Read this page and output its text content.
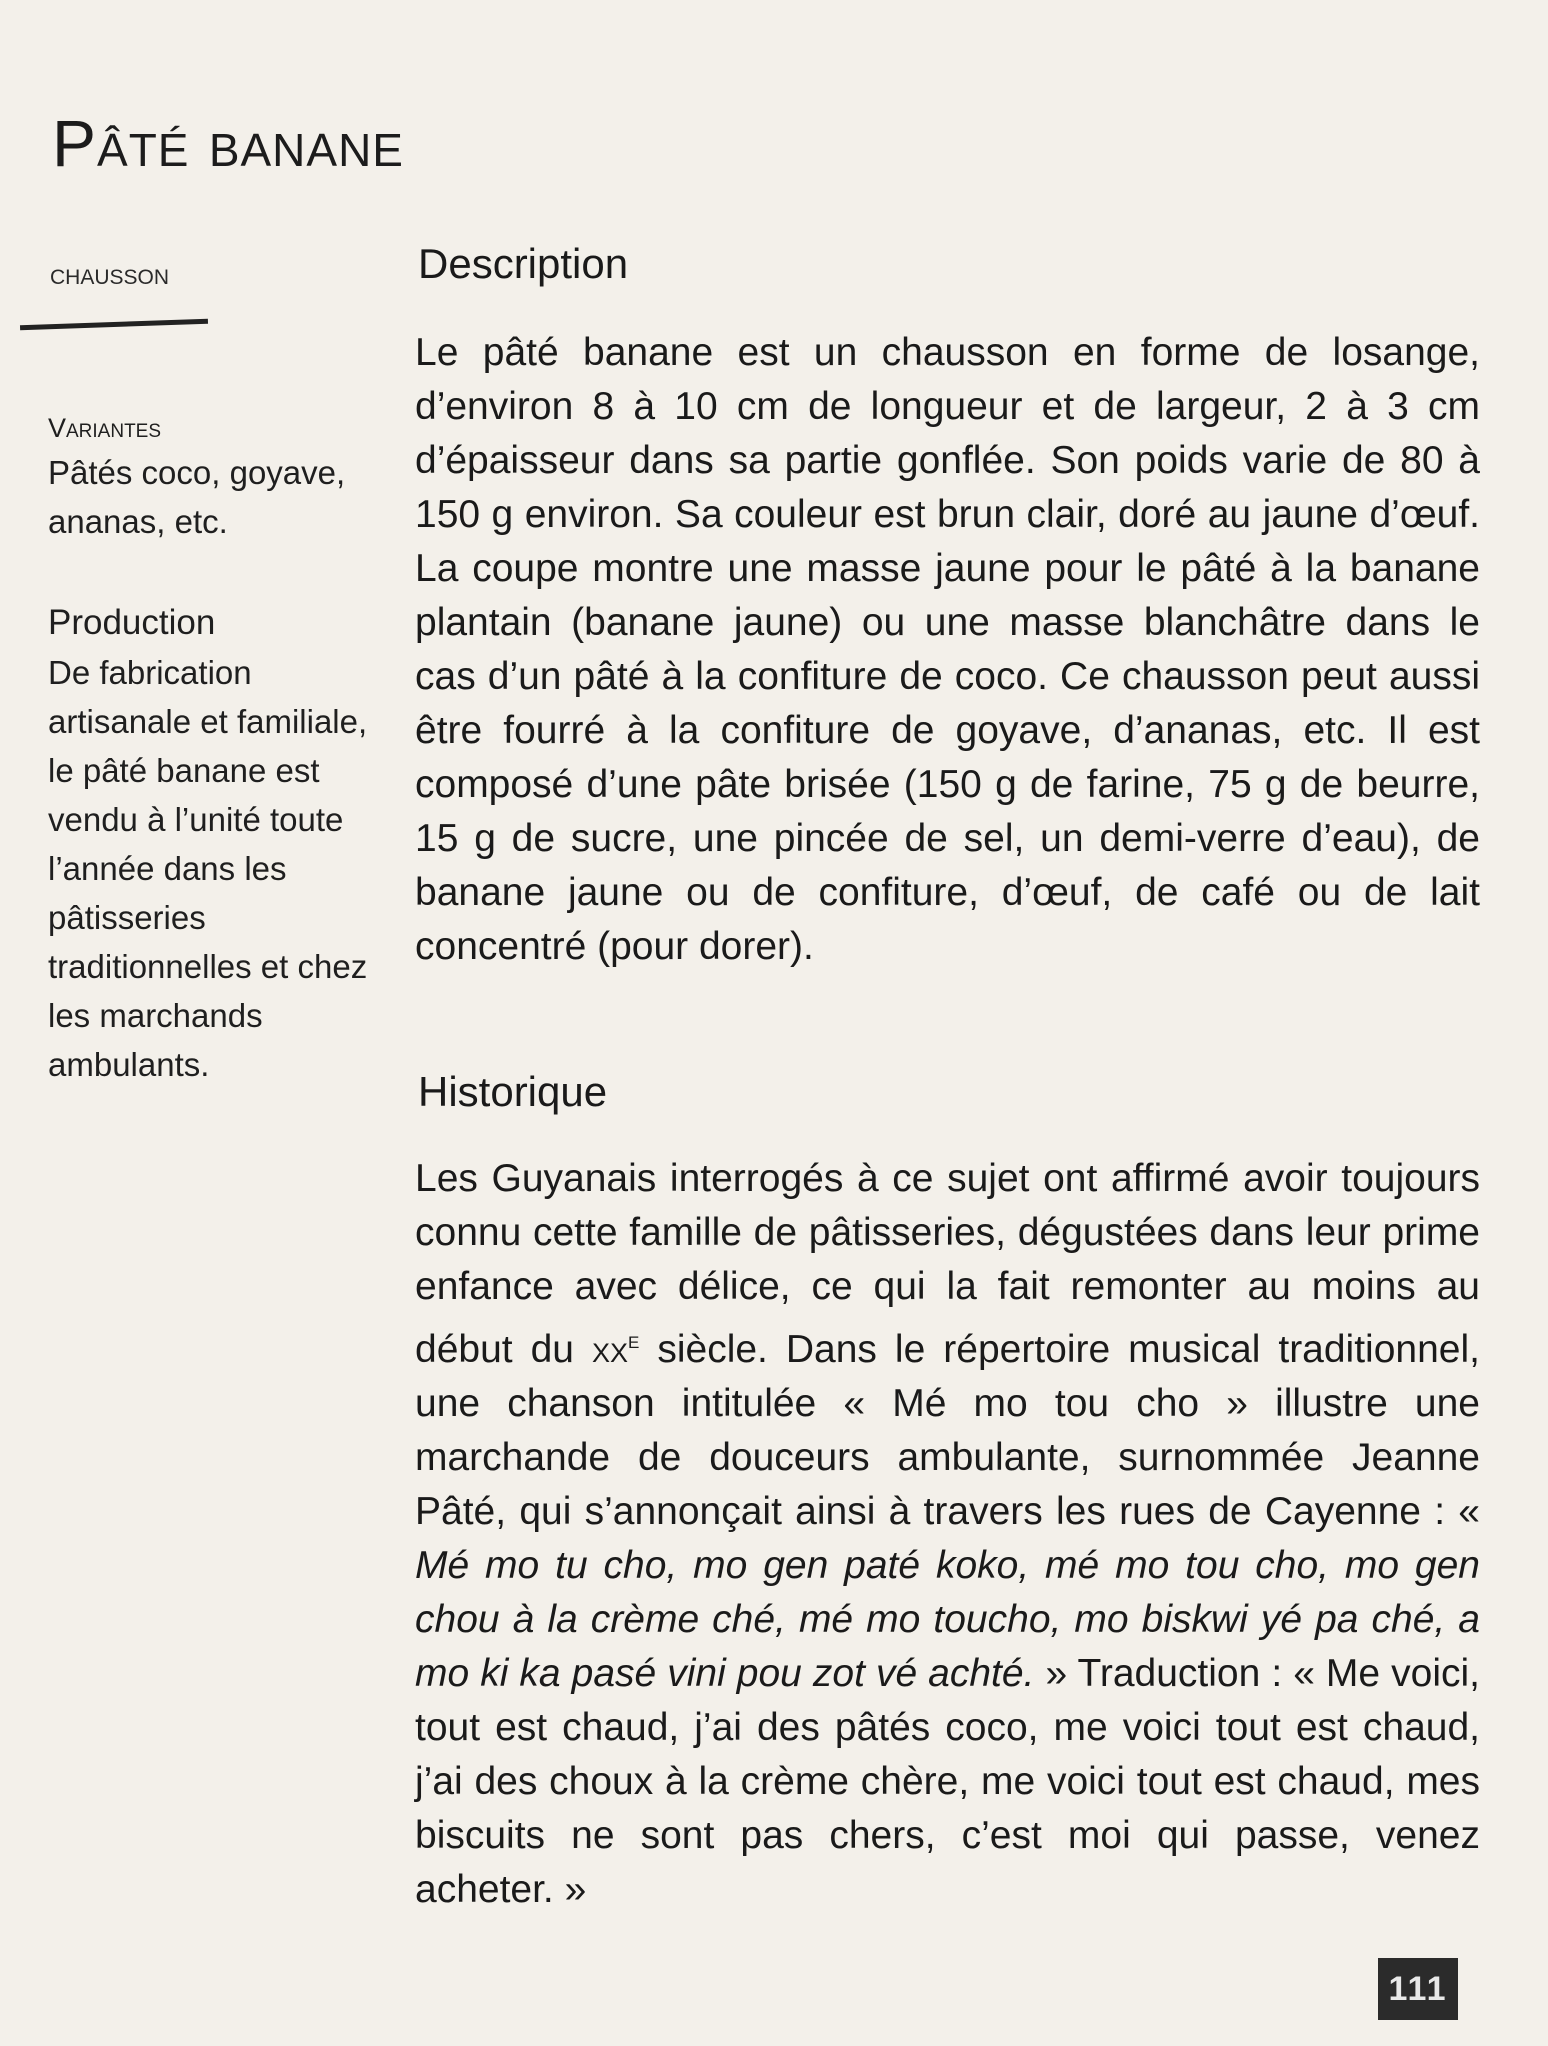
Pâté banane
chausson
Variantes
Pâtés coco, goyave, ananas, etc.
Production
De fabrication artisanale et familiale, le pâté banane est vendu à l’unité toute l’année dans les pâtisseries traditionnelles et chez les marchands ambulants.
Description

Le pâté banane est un chausson en forme de losange, d’environ 8 à 10 cm de longueur et de largeur, 2 à 3 cm d’épaisseur dans sa partie gonflée. Son poids varie de 80 à 150 g environ. Sa couleur est brun clair, doré au jaune d’œuf. La coupe montre une masse jaune pour le pâté à la banane plantain (banane jaune) ou une masse blanchâtre dans le cas d’un pâté à la confiture de coco. Ce chausson peut aussi être fourré à la confiture de goyave, d’ananas, etc. Il est composé d’une pâte brisée (150 g de farine, 75 g de beurre, 15 g de sucre, une pincée de sel, un demi-verre d’eau), de banane jaune ou de confiture, d’œuf, de café ou de lait concentré (pour dorer).

Historique

Les Guyanais interrogés à ce sujet ont affirmé avoir toujours connu cette famille de pâtisseries, dégustées dans leur prime enfance avec délice, ce qui la fait remonter au moins au début du $xx^e$ siècle. Dans le répertoire musical traditionnel, une chanson intitulée « Mé mo tou cho » illustre une marchande de douceurs ambulante, surnommée Jeanne Pâté, qui s’annonçait ainsi à travers les rues de Cayenne : « Mé mo tu cho, mo gen paté koko, mé mo tou cho, mo gen chou à la crème ché, mé mo toucho, mo biskwi yé pa ché, a mo ki ka pasé vini pou zot vé achté. » Traduction : « Me voici, tout est chaud, j’ai des pâtés coco, me voici tout est chaud, j’ai des choux à la crème chère, me voici tout est chaud, mes biscuits ne sont pas chers, c’est moi qui passe, venez acheter. »

111
